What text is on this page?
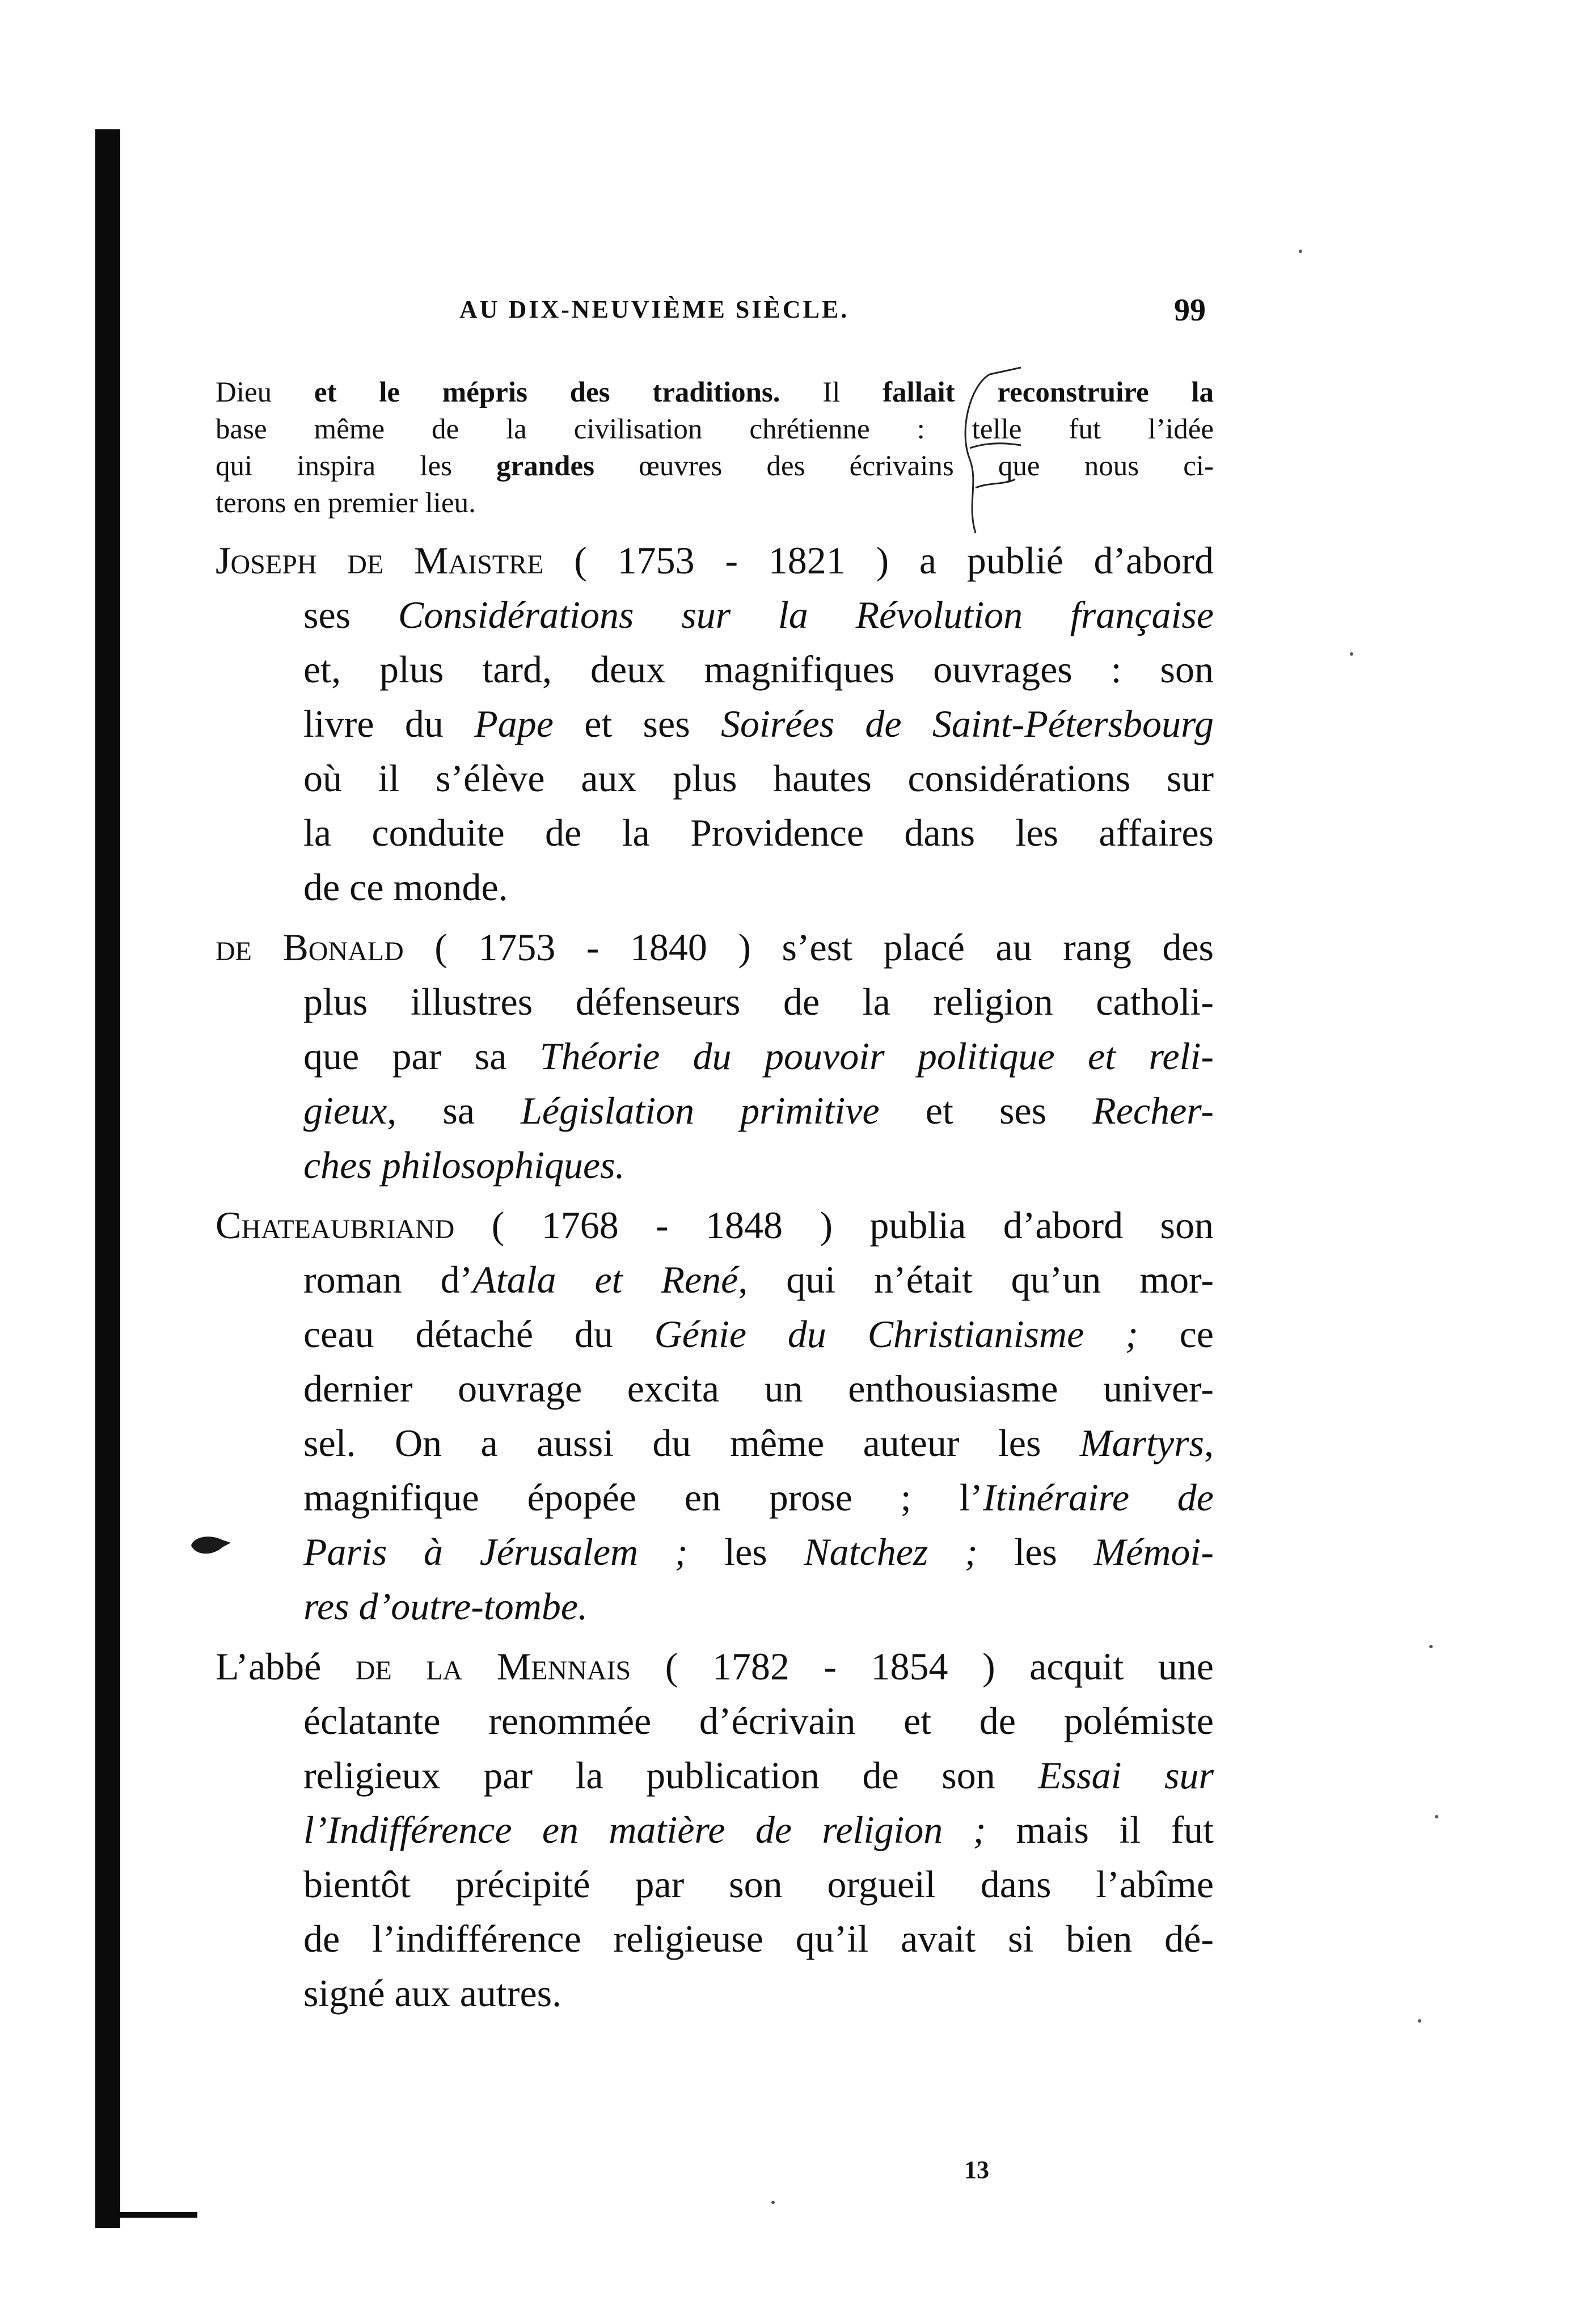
AU DIX-NEUVIÈME SIÈCLE.	99
Dieu et le mépris des traditions. Il fallait reconstruire la
base même de la civilisation chrétienne : telle fut l’idée
qui inspira les grandes œuvres des écrivains que nous ci-
terons en premier lieu.
Joseph de Maistre ( 1753 - 1821 ) a publié d’abord
ses Considérations sur la Révolution française
et, plus tard, deux magnifiques ouvrages : son
livre du Pape et ses Soirées de Saint-Pétersbourg
où il s’élève aux plus hautes considérations sur
la conduite de la Providence dans les affaires
de ce monde.
de Bonald ( 1753 - 1840 ) s’est placé au rang des
plus illustres défenseurs de la religion catholi-
que par sa Théorie du pouvoir politique et reli-
gieux, sa Législation primitive et ses Recher-
ches philosophiques.
Chateaubriand ( 1768 - 1848 ) publia d’abord son
roman d’Atala et René, qui n’était qu’un mor-
ceau détaché du Génie du Christianisme ; ce
dernier ouvrage excita un enthousiasme univer-
sel. On a aussi du même auteur les Martyrs,
magnifique épopée en prose ; l’Itinéraire de
Paris à Jérusalem ; les Natchez ; les Mémoi-
res d’outre-tombe.
L’abbé de la Mennais ( 1782 - 1854 ) acquit une
éclatante renommée d’écrivain et de polémiste
religieux par la publication de son Essai sur
l’Indifférence en matière de religion ; mais il fut
bientôt précipité par son orgueil dans l’abîme
de l’indifférence religieuse qu’il avait si bien dé-
signé aux autres.
13
